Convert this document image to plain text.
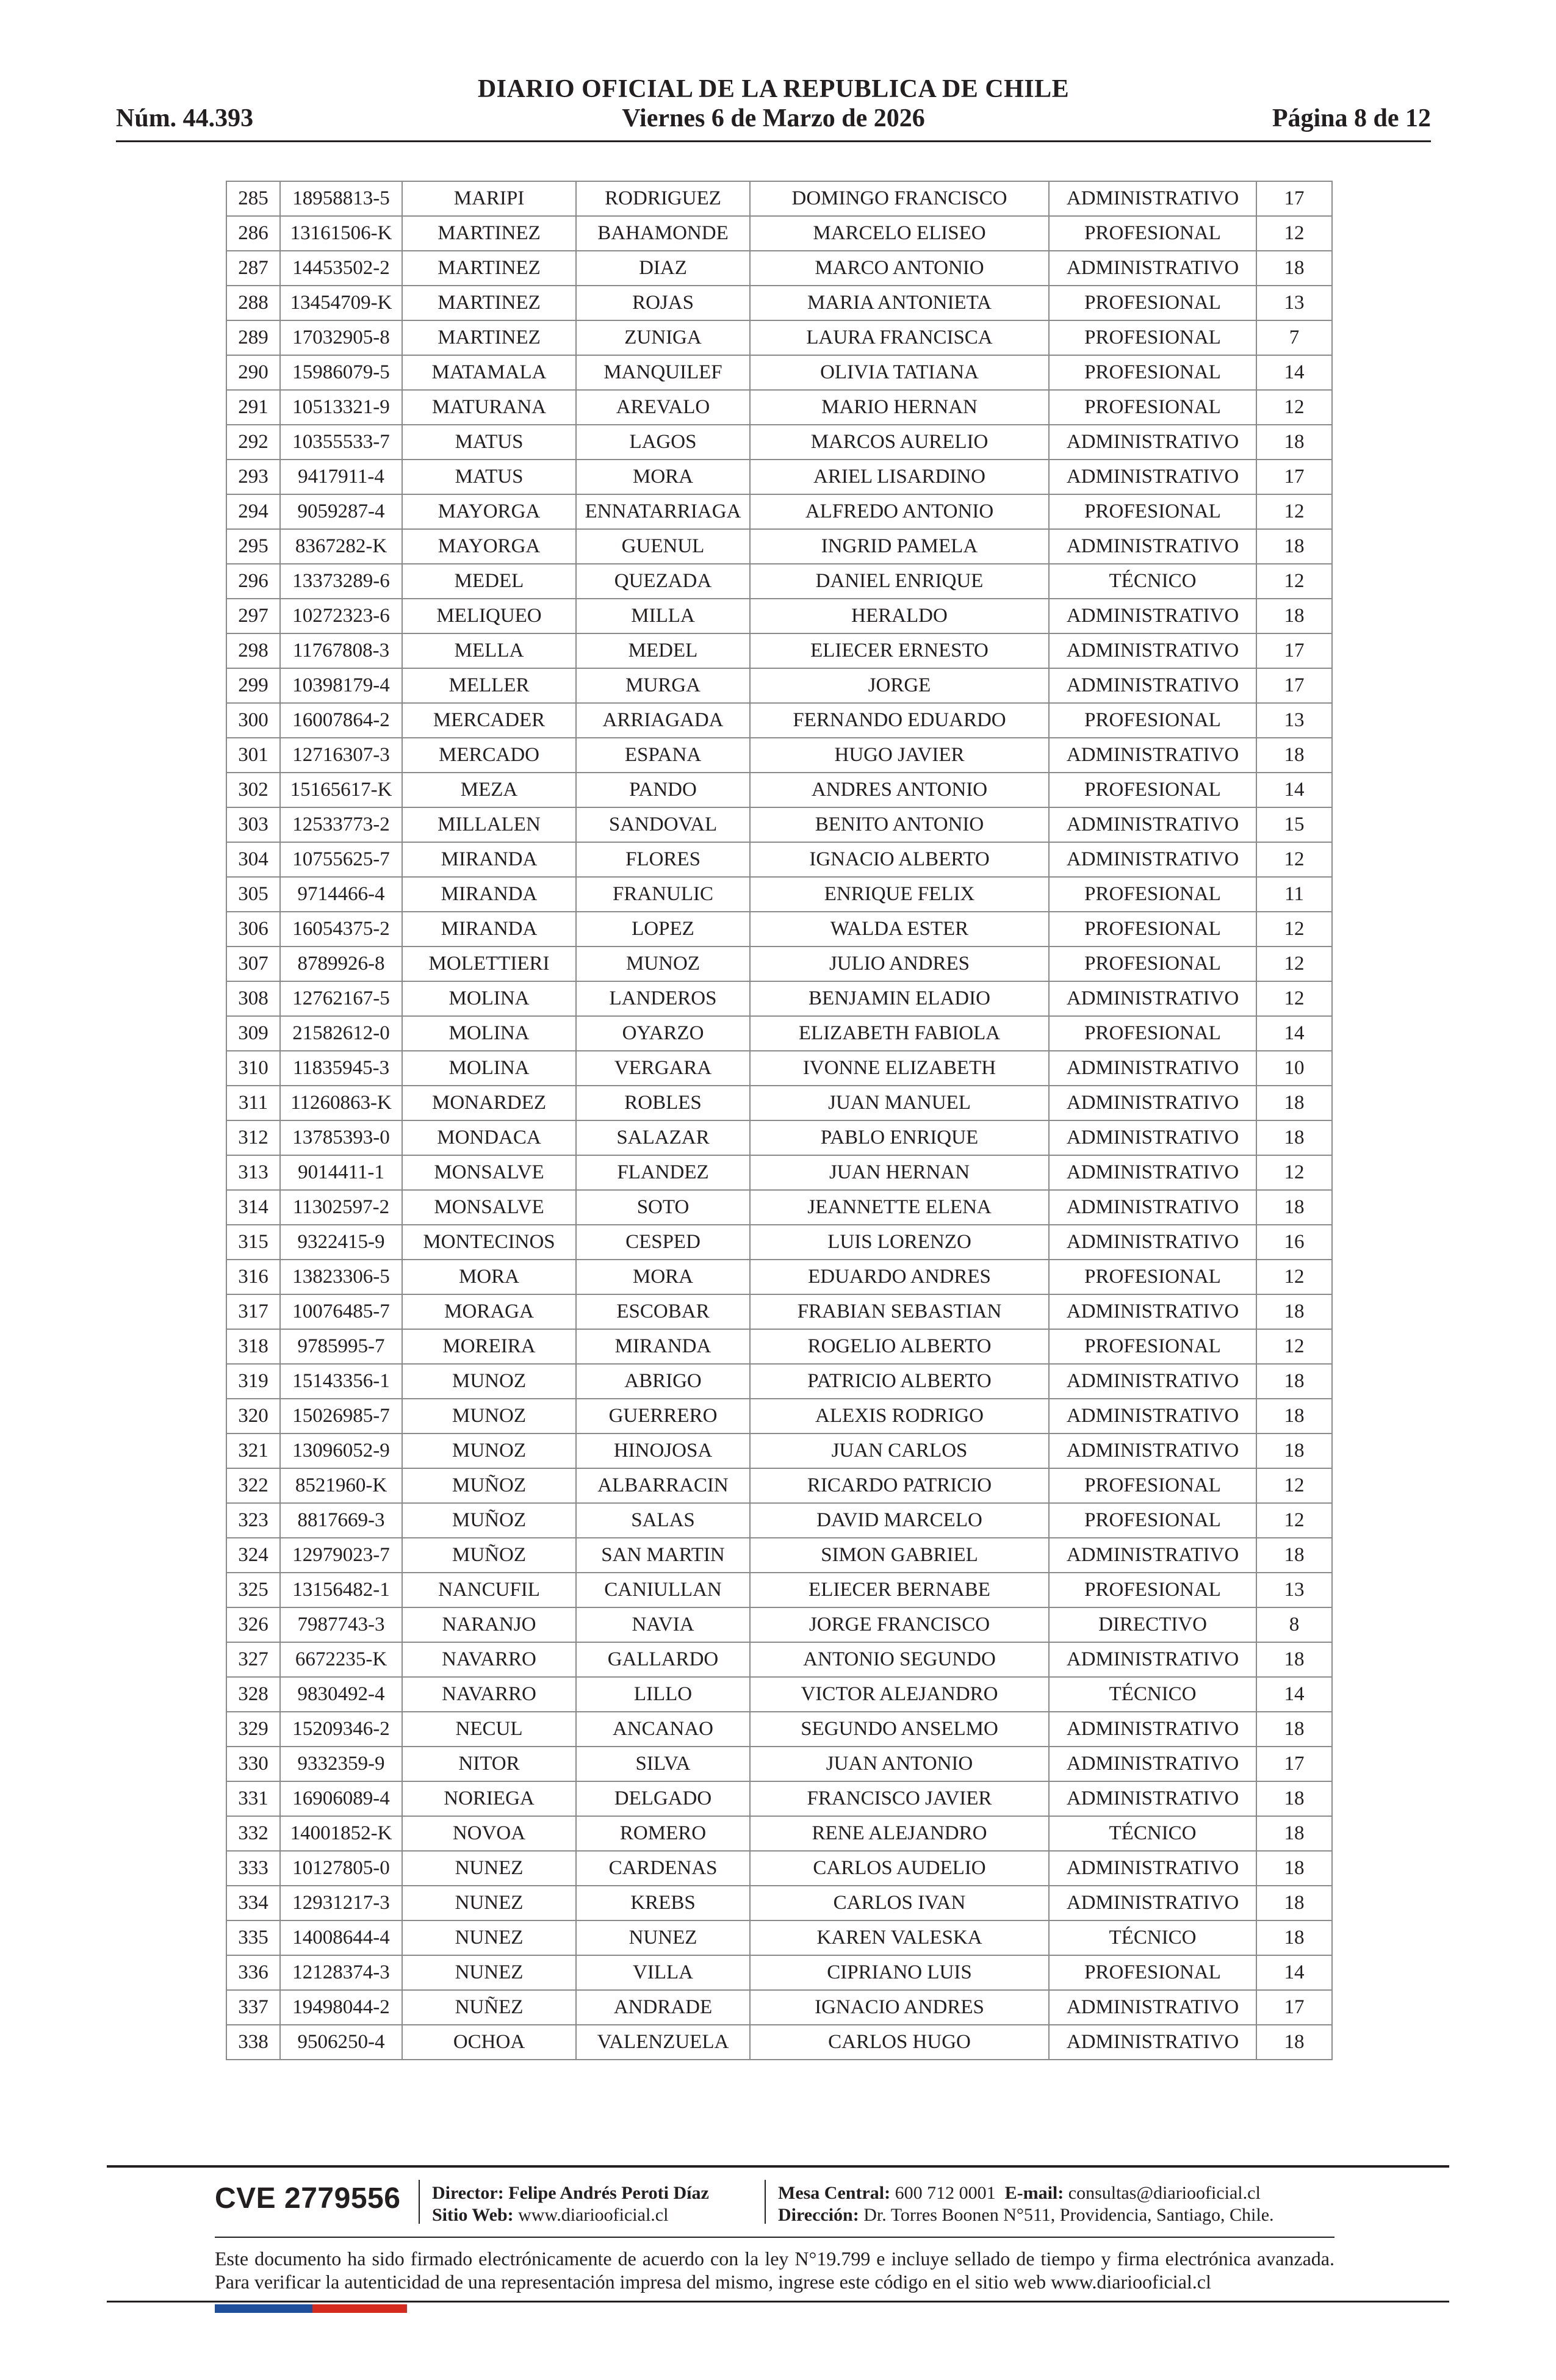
DIARIO OFICIAL DE LA REPUBLICA DE CHILE
Núm. 44.393	Viernes 6 de Marzo de 2026	Página 8 de 12
285	18958813-5	MARIPI	RODRIGUEZ	DOMINGO FRANCISCO	ADMINISTRATIVO	17
286	13161506-K	MARTINEZ	BAHAMONDE	MARCELO ELISEO	PROFESIONAL	12
287	14453502-2	MARTINEZ	DIAZ	MARCO ANTONIO	ADMINISTRATIVO	18
288	13454709-K	MARTINEZ	ROJAS	MARIA ANTONIETA	PROFESIONAL	13
289	17032905-8	MARTINEZ	ZUNIGA	LAURA FRANCISCA	PROFESIONAL	7
290	15986079-5	MATAMALA	MANQUILEF	OLIVIA TATIANA	PROFESIONAL	14
291	10513321-9	MATURANA	AREVALO	MARIO HERNAN	PROFESIONAL	12
292	10355533-7	MATUS	LAGOS	MARCOS AURELIO	ADMINISTRATIVO	18
293	9417911-4	MATUS	MORA	ARIEL LISARDINO	ADMINISTRATIVO	17
294	9059287-4	MAYORGA	ENNATARRIAGA	ALFREDO ANTONIO	PROFESIONAL	12
295	8367282-K	MAYORGA	GUENUL	INGRID PAMELA	ADMINISTRATIVO	18
296	13373289-6	MEDEL	QUEZADA	DANIEL ENRIQUE	TÉCNICO	12
297	10272323-6	MELIQUEO	MILLA	HERALDO	ADMINISTRATIVO	18
298	11767808-3	MELLA	MEDEL	ELIECER ERNESTO	ADMINISTRATIVO	17
299	10398179-4	MELLER	MURGA	JORGE	ADMINISTRATIVO	17
300	16007864-2	MERCADER	ARRIAGADA	FERNANDO EDUARDO	PROFESIONAL	13
301	12716307-3	MERCADO	ESPANA	HUGO JAVIER	ADMINISTRATIVO	18
302	15165617-K	MEZA	PANDO	ANDRES ANTONIO	PROFESIONAL	14
303	12533773-2	MILLALEN	SANDOVAL	BENITO ANTONIO	ADMINISTRATIVO	15
304	10755625-7	MIRANDA	FLORES	IGNACIO ALBERTO	ADMINISTRATIVO	12
305	9714466-4	MIRANDA	FRANULIC	ENRIQUE FELIX	PROFESIONAL	11
306	16054375-2	MIRANDA	LOPEZ	WALDA ESTER	PROFESIONAL	12
307	8789926-8	MOLETTIERI	MUNOZ	JULIO ANDRES	PROFESIONAL	12
308	12762167-5	MOLINA	LANDEROS	BENJAMIN ELADIO	ADMINISTRATIVO	12
309	21582612-0	MOLINA	OYARZO	ELIZABETH FABIOLA	PROFESIONAL	14
310	11835945-3	MOLINA	VERGARA	IVONNE ELIZABETH	ADMINISTRATIVO	10
311	11260863-K	MONARDEZ	ROBLES	JUAN MANUEL	ADMINISTRATIVO	18
312	13785393-0	MONDACA	SALAZAR	PABLO ENRIQUE	ADMINISTRATIVO	18
313	9014411-1	MONSALVE	FLANDEZ	JUAN HERNAN	ADMINISTRATIVO	12
314	11302597-2	MONSALVE	SOTO	JEANNETTE ELENA	ADMINISTRATIVO	18
315	9322415-9	MONTECINOS	CESPED	LUIS LORENZO	ADMINISTRATIVO	16
316	13823306-5	MORA	MORA	EDUARDO ANDRES	PROFESIONAL	12
317	10076485-7	MORAGA	ESCOBAR	FRABIAN SEBASTIAN	ADMINISTRATIVO	18
318	9785995-7	MOREIRA	MIRANDA	ROGELIO ALBERTO	PROFESIONAL	12
319	15143356-1	MUNOZ	ABRIGO	PATRICIO ALBERTO	ADMINISTRATIVO	18
320	15026985-7	MUNOZ	GUERRERO	ALEXIS RODRIGO	ADMINISTRATIVO	18
321	13096052-9	MUNOZ	HINOJOSA	JUAN CARLOS	ADMINISTRATIVO	18
322	8521960-K	MUÑOZ	ALBARRACIN	RICARDO PATRICIO	PROFESIONAL	12
323	8817669-3	MUÑOZ	SALAS	DAVID MARCELO	PROFESIONAL	12
324	12979023-7	MUÑOZ	SAN MARTIN	SIMON GABRIEL	ADMINISTRATIVO	18
325	13156482-1	NANCUFIL	CANIULLAN	ELIECER BERNABE	PROFESIONAL	13
326	7987743-3	NARANJO	NAVIA	JORGE FRANCISCO	DIRECTIVO	8
327	6672235-K	NAVARRO	GALLARDO	ANTONIO SEGUNDO	ADMINISTRATIVO	18
328	9830492-4	NAVARRO	LILLO	VICTOR ALEJANDRO	TÉCNICO	14
329	15209346-2	NECUL	ANCANAO	SEGUNDO ANSELMO	ADMINISTRATIVO	18
330	9332359-9	NITOR	SILVA	JUAN ANTONIO	ADMINISTRATIVO	17
331	16906089-4	NORIEGA	DELGADO	FRANCISCO JAVIER	ADMINISTRATIVO	18
332	14001852-K	NOVOA	ROMERO	RENE ALEJANDRO	TÉCNICO	18
333	10127805-0	NUNEZ	CARDENAS	CARLOS AUDELIO	ADMINISTRATIVO	18
334	12931217-3	NUNEZ	KREBS	CARLOS IVAN	ADMINISTRATIVO	18
335	14008644-4	NUNEZ	NUNEZ	KAREN VALESKA	TÉCNICO	18
336	12128374-3	NUNEZ	VILLA	CIPRIANO LUIS	PROFESIONAL	14
337	19498044-2	NUÑEZ	ANDRADE	IGNACIO ANDRES	ADMINISTRATIVO	17
338	9506250-4	OCHOA	VALENZUELA	CARLOS HUGO	ADMINISTRATIVO	18
CVE 2779556 Director: Felipe Andrés Peroti Díaz
Sitio Web: www.diariooficial.cl
Mesa Central: 600 712 0001 E-mail: consultas@diariooficial.cl
Dirección: Dr. Torres Boonen N°511, Providencia, Santiago, Chile.
Este documento ha sido firmado electrónicamente de acuerdo con la ley N°19.799 e incluye sellado de tiempo y firma electrónica avanzada. Para verificar la autenticidad de una representación impresa del mismo, ingrese este código en el sitio web www.diariooficial.cl
